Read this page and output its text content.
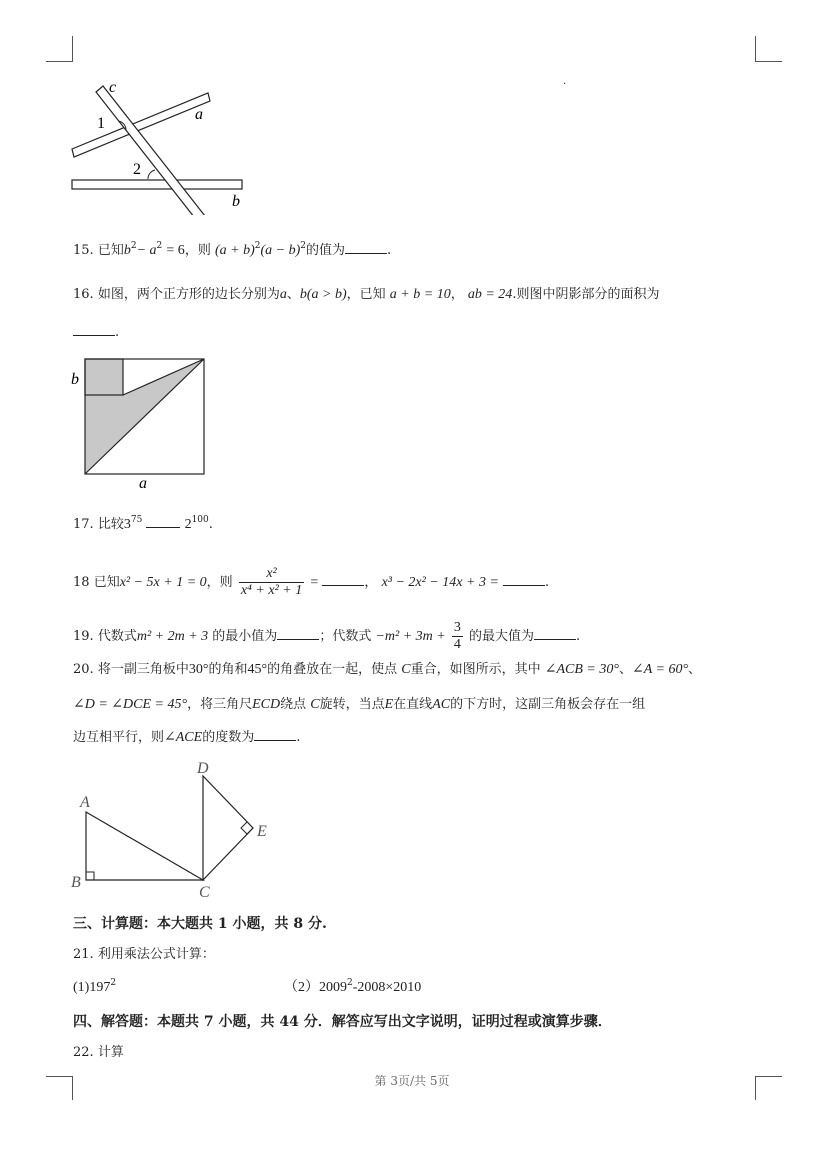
.
c
a
b
1
2
15. 已知$b^2- a^2 = 6$，则 $(a + b)^2(a - b)^2$的值为	.
16. 如图，两个正方形的边长分别为a、b(a > b)，已知 a + b = 10， ab = 24.则图中阴影部分的面积为
.
b
a
17. 比较$3^{75}$	$2^{100}$.
18 已知x² − 5x + 1 = 0，则 $\frac{\text{x²}}{\text{x⁴ + x² + 1}}$ =	， x³ − 2x² − 14x + 3 =	.
19. 代数式m² + 2m + 3 的最小值为	；代数式 $-m^2 + 3m + \frac{3}{4}$ 的最大值为	.
20. 将一副三角板中30°的角和45°的角叠放在一起，使点 C重合，如图所示，其中 ∠ACB = 30°、∠A = 60°、
∠D = ∠DCE = 45°，将三角尺ECD绕点 C旋转，当点E在直线AC的下方时，这副三角板会存在一组
边互相平行，则∠ACE的度数为	.
A
B
C
D
E
三、计算题：本大题共 1 小题，共 8 分.
21. 利用乘法公式计算：
$(1)197^2$	$(2)2009^2-2008\times 2010$
四、解答题：本题共 7 小题，共 44 分．解答应写出文字说明，证明过程或演算步骤．
22. 计算
第 3页/共 5页
